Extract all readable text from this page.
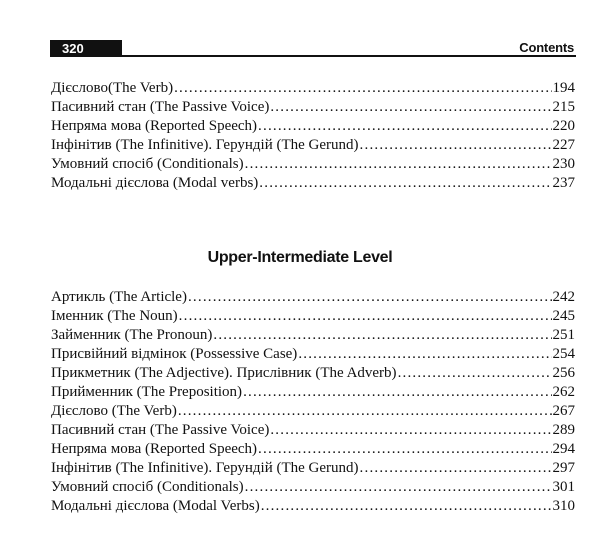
320	Contents
Дієслово(The Verb) .....	194
Пасивний стан (The Passive Voice) .....	215
Непряма мова (Reported Speech) .....	220
Інфінітив (The Infinitive). Герундій (The Gerund) .....	227
Умовний спосіб (Conditionals) .....	230
Модальні дієслова (Modal verbs) .....	237
Upper-Intermediate Level
Артикль (The Article) .....	242
Іменник (The Noun) .....	245
Займенник (The Pronoun) .....	251
Присвійний відмінок (Possessive Case) .....	254
Прикметник (The Adjective). Прислівник (The Adverb) .....	256
Прийменник (The Preposition) .....	262
Дієслово (The Verb) .....	267
Пасивний стан (The Passive Voice) .....	289
Непряма мова (Reported Speech) .....	294
Інфінітив (The Infinitive). Герундій (The Gerund) .....	297
Умовний спосіб (Conditionals) .....	301
Модальні дієслова (Modal Verbs) .....	310
